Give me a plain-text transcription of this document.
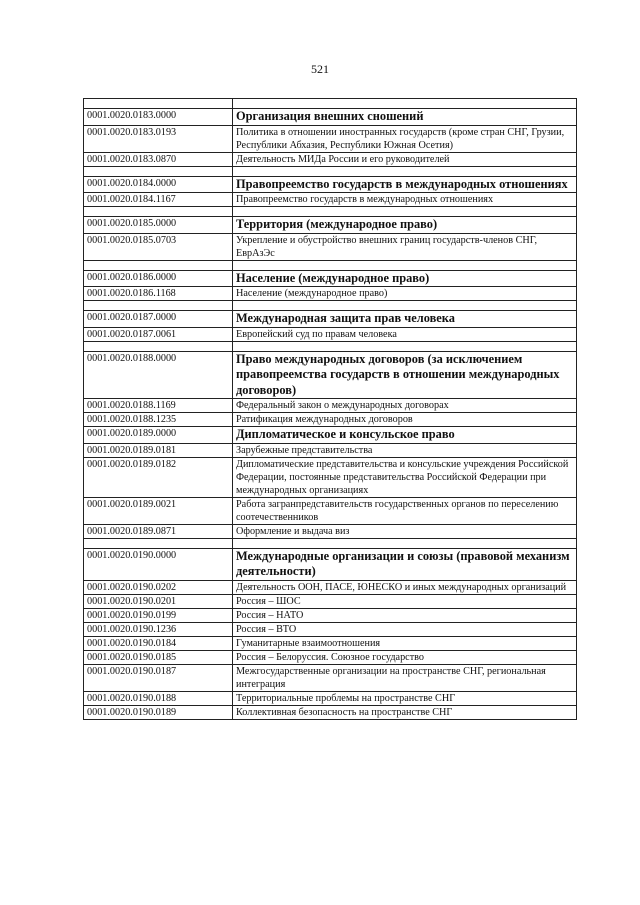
521

0001.0020.0183.0000	Организация внешних сношений
0001.0020.0183.0193	Политика в отношении иностранных государств (кроме стран СНГ, Грузии, Республики Абхазия, Республики Южная Осетия)
0001.0020.0183.0870	Деятельность МИДа России и его руководителей

0001.0020.0184.0000	Правопреемство государств в международных отношениях
0001.0020.0184.1167	Правопреемство государств в международных отношениях

0001.0020.0185.0000	Территория (международное право)
0001.0020.0185.0703	Укрепление и обустройство внешних границ государств-членов СНГ, ЕврАзЭс

0001.0020.0186.0000	Население (международное право)
0001.0020.0186.1168	Население (международное право)

0001.0020.0187.0000	Международная защита прав человека
0001.0020.0187.0061	Европейский суд по правам человека

0001.0020.0188.0000	Право международных договоров (за исключением правопреемства государств в отношении международных договоров)
0001.0020.0188.1169	Федеральный закон о международных договорах
0001.0020.0188.1235	Ратификация международных договоров
0001.0020.0189.0000	Дипломатическое и консульское право
0001.0020.0189.0181	Зарубежные представительства
0001.0020.0189.0182	Дипломатические представительства и консульские учреждения Российской Федерации, постоянные представительства Российской Федерации при международных организациях
0001.0020.0189.0021	Работа загранпредставительств государственных органов по переселению соотечественников
0001.0020.0189.0871	Оформление и выдача виз

0001.0020.0190.0000	Международные организации и союзы (правовой механизм деятельности)
0001.0020.0190.0202	Деятельность ООН, ПАСЕ, ЮНЕСКО и иных международных организаций
0001.0020.0190.0201	Россия – ШОС
0001.0020.0190.0199	Россия – НАТО
0001.0020.0190.1236	Россия – ВТО
0001.0020.0190.0184	Гуманитарные взаимоотношения
0001.0020.0190.0185	Россия – Белоруссия. Союзное государство
0001.0020.0190.0187	Межгосударственные организации на пространстве СНГ, региональная интеграция
0001.0020.0190.0188	Территориальные проблемы на пространстве СНГ
0001.0020.0190.0189	Коллективная безопасность на пространстве СНГ
